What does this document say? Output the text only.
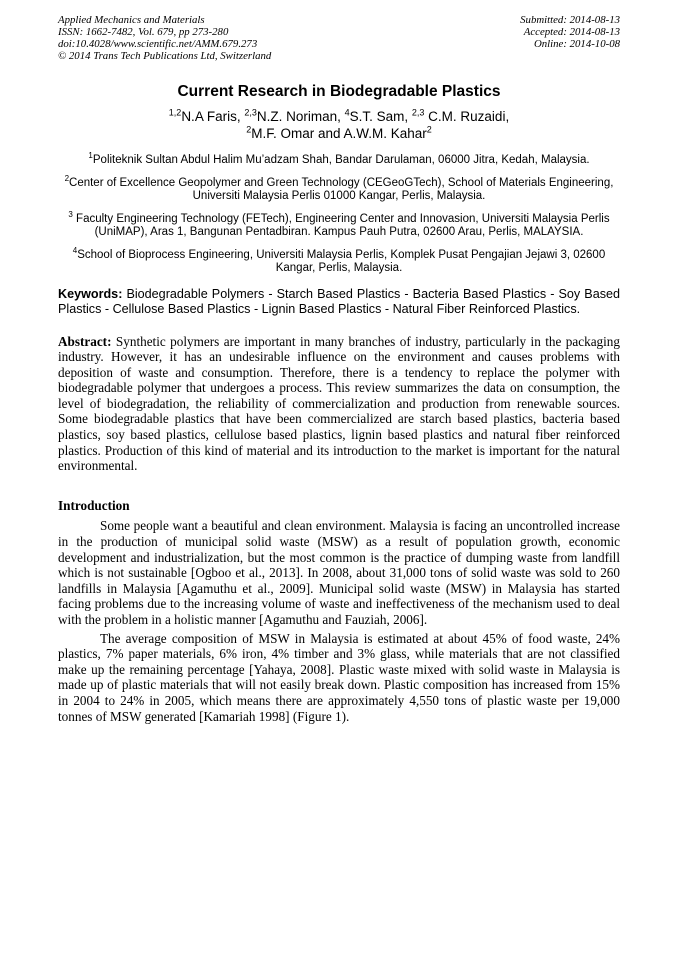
Applied Mechanics and Materials
ISSN: 1662-7482, Vol. 679, pp 273-280
doi:10.4028/www.scientific.net/AMM.679.273
© 2014 Trans Tech Publications Ltd, Switzerland
Submitted: 2014-08-13
Accepted: 2014-08-13
Online: 2014-10-08
Current Research in Biodegradable Plastics
$^{1,2}$N.A Faris, $^{2,3}$N.Z. Noriman, $^4$S.T. Sam, $^{2,3}$ C.M. Ruzaidi,
$^2$M.F. Omar and A.W.M. Kahar$^2$

$^1$Politeknik Sultan Abdul Halim Mu’adzam Shah, Bandar Darulaman, 06000 Jitra, Kedah, Malaysia.

$^2$Center of Excellence Geopolymer and Green Technology (CEGeoGTech), School of Materials Engineering, Universiti Malaysia Perlis 01000 Kangar, Perlis, Malaysia.

$^3$ Faculty Engineering Technology (FETech), Engineering Center and Innovasion, Universiti Malaysia Perlis (UniMAP), Aras 1, Bangunan Pentadbiran. Kampus Pauh Putra, 02600 Arau, Perlis, MALAYSIA.

$^4$School of Bioprocess Engineering, Universiti Malaysia Perlis, Komplek Pusat Pengajian Jejawi 3, 02600 Kangar, Perlis, Malaysia.

Keywords: Biodegradable Polymers - Starch Based Plastics - Bacteria Based Plastics - Soy Based Plastics - Cellulose Based Plastics - Lignin Based Plastics - Natural Fiber Reinforced Plastics.

Abstract: Synthetic polymers are important in many branches of industry, particularly in the packaging industry. However, it has an undesirable influence on the environment and causes problems with deposition of waste and consumption. Therefore, there is a tendency to replace the polymer with biodegradable polymer that undergoes a process. This review summarizes the data on consumption, the level of biodegradation, the reliability of commercialization and production from renewable sources. Some biodegradable plastics that have been commercialized are starch based plastics, bacteria based plastics, soy based plastics, cellulose based plastics, lignin based plastics and natural fiber reinforced plastics. Production of this kind of material and its introduction to the market is important for the natural environmental.

Introduction

Some people want a beautiful and clean environment. Malaysia is facing an uncontrolled increase in the production of municipal solid waste (MSW) as a result of population growth, economic development and industrialization, but the most common is the practice of dumping waste from landfill which is not sustainable [Ogboo et al., 2013]. In 2008, about 31,000 tons of solid waste was sold to 260 landfills in Malaysia [Agamuthu et al., 2009]. Municipal solid waste (MSW) in Malaysia has started facing problems due to the increasing volume of waste and ineffectiveness of the mechanism used to deal with the problem in a holistic manner [Agamuthu and Fauziah, 2006].

The average composition of MSW in Malaysia is estimated at about 45% of food waste, 24% plastics, 7% paper materials, 6% iron, 4% timber and 3% glass, while materials that are not classified make up the remaining percentage [Yahaya, 2008]. Plastic waste mixed with solid waste in Malaysia is made up of plastic materials that will not easily break down. Plastic composition has increased from 15% in 2004 to 24% in 2005, which means there are approximately 4,550 tons of plastic waste per 19,000 tonnes of MSW generated [Kamariah 1998] (Figure 1).
